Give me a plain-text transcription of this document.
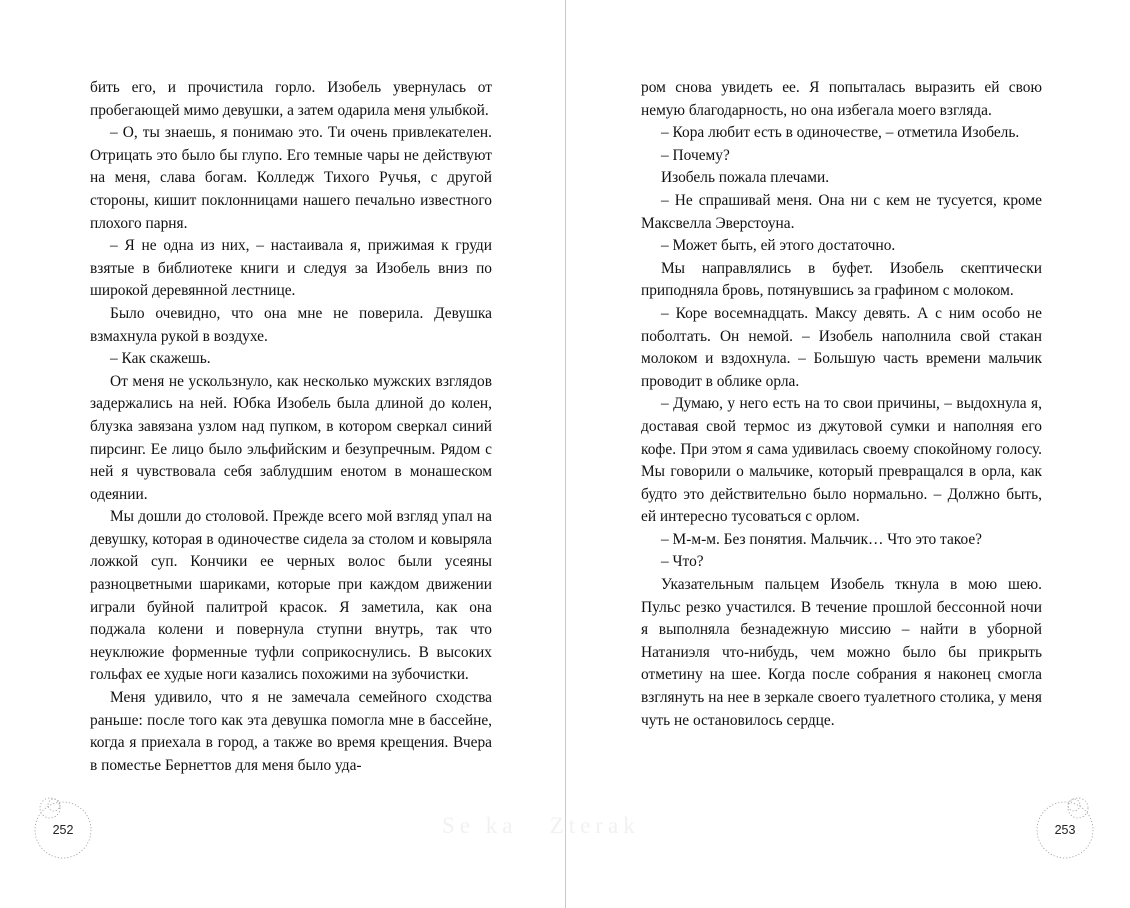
бить его, и прочистила горло. Изобель увернулась от пробегающей мимо девушки, а затем одарила меня улыбкой.

– О, ты знаешь, я понимаю это. Ти очень привлекателен. Отрицать это было бы глупо. Его темные чары не действуют на меня, слава богам. Колледж Тихого Ручья, с другой стороны, кишит поклонницами нашего печально известного плохого парня.

– Я не одна из них, – настаивала я, прижимая к груди взятые в библиотеке книги и следуя за Изобель вниз по широкой деревянной лестнице.

Было очевидно, что она мне не поверила. Девушка взмахнула рукой в воздухе.

– Как скажешь.

От меня не ускользнуло, как несколько мужских взглядов задержались на ней. Юбка Изобель была длиной до колен, блузка завязана узлом над пупком, в котором сверкал синий пирсинг. Ее лицо было эльфийским и безупречным. Рядом с ней я чувствовала себя заблудшим енотом в монашеском одеянии.

Мы дошли до столовой. Прежде всего мой взгляд упал на девушку, которая в одиночестве сидела за столом и ковыряла ложкой суп. Кончики ее черных волос были усеяны разноцветными шариками, которые при каждом движении играли буйной палитрой красок. Я заметила, как она поджала колени и повернула ступни внутрь, так что неуклюжие форменные туфли соприкоснулись. В высоких гольфах ее худые ноги казались похожими на зубочистки.

Меня удивило, что я не замечала семейного сходства раньше: после того как эта девушка помогла мне в бассейне, когда я приехала в город, а также во время крещения. Вчера в поместье Бернеттов для меня было уда-

ром снова увидеть ее. Я попыталась выразить ей свою немую благодарность, но она избегала моего взгляда.

– Кора любит есть в одиночестве, – отметила Изобель.

– Почему?

Изобель пожала плечами.

– Не спрашивай меня. Она ни с кем не тусуется, кроме Максвелла Эверстоуна.

– Может быть, ей этого достаточно.

Мы направлялись в буфет. Изобель скептически приподняла бровь, потянувшись за графином с молоком.

– Коре восемнадцать. Максу девять. А с ним особо не поболтать. Он немой. – Изобель наполнила свой стакан молоком и вздохнула. – Большую часть времени мальчик проводит в облике орла.

– Думаю, у него есть на то свои причины, – выдохнула я, доставая свой термос из джутовой сумки и наполняя его кофе. При этом я сама удивилась своему спокойному голосу. Мы говорили о мальчике, который превращался в орла, как будто это действительно было нормально. – Должно быть, ей интересно тусоваться с орлом.

– М-м-м. Без понятия. Мальчик… Что это такое?

– Что?

Указательным пальцем Изобель ткнула в мою шею. Пульс резко участился. В течение прошлой бессонной ночи я выполняла безнадежную миссию – найти в уборной Натаниэля что-нибудь, чем можно было бы прикрыть отметину на шее. Когда после собрания я наконец смогла взглянуть на нее в зеркале своего туалетного столика, у меня чуть не остановилось сердце.

252	253
Se ka   Zterak
